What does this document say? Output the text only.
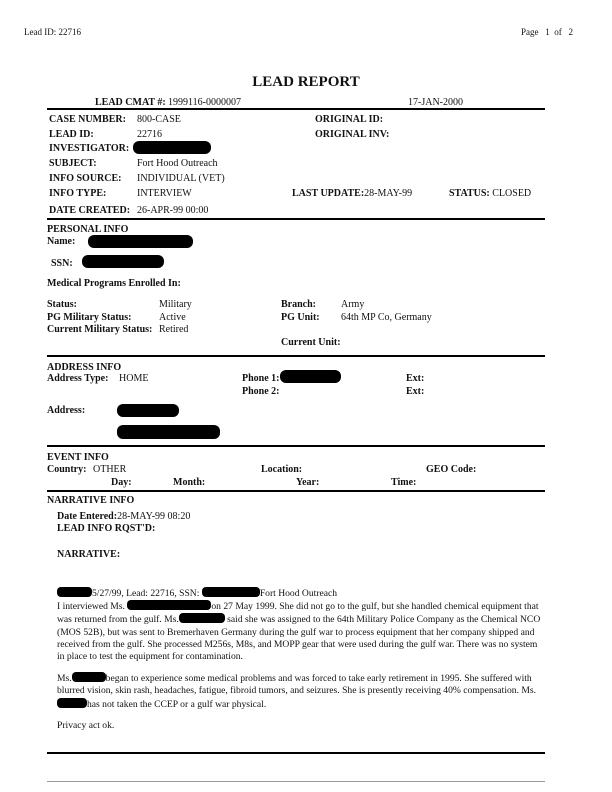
Lead ID: 22716	Page 1 of 2
LEAD REPORT
LEAD CMAT #: 1999116-0000007	17-JAN-2000
CASE NUMBER: 800-CASE
LEAD ID:	22716
INVESTIGATOR:
SUBJECT:	Fort Hood Outreach
INFO SOURCE: INDIVIDUAL (VET)
INFO TYPE:	INTERVIEW
DATE CREATED: 26-APR-99 00:00
ORIGINAL ID:
ORIGINAL INV:
LAST UPDATE:28-MAY-99	STATUS: CLOSED
PERSONAL INFO
Name:
SSN:
Medical Programs Enrolled In:
Status:	Military
PG Military Status:	Active
Current Military Status: Retired
Branch:	Army
PG Unit: 64th MP Co, Germany
Current Unit:
ADDRESS INFO
Address Type: HOME	Phone 1:
Phone 2:
Ext:
Ext:
Address:
EVENT INFO
Country: OTHER	Location:	GEO Code:
Day:	Month:	Year:	Time:
NARRATIVE INFO
Date Entered:28-MAY-99 08:20
LEAD INFO RQST'D:
NARRATIVE:

5/27/99, Lead: 22716, SSN:	Fort Hood Outreach
I interviewed Ms.	on 27 May 1999. She did not go to the gulf, but she handled chemical equipment that was returned from the gulf. Ms.	said she was assigned to the 64th Military Police Company as the Chemical NCO (MOS 52B), but was sent to Bremerhaven Germany during the gulf war to process equipment that her company shipped and received from the gulf. She processed M256s, M8s, and MOPP gear that were used during the gulf war. There was no system in place to test the equipment for contamination.

Ms.	began to experience some medical problems and was forced to take early retirement in 1995. She suffered with blurred vision, skin rash, headaches, fatigue, fibroid tumors, and seizures. She is presently receiving 40% compensation. Ms.has not taken the CCEP or a gulf war physical.

Privacy act ok.
